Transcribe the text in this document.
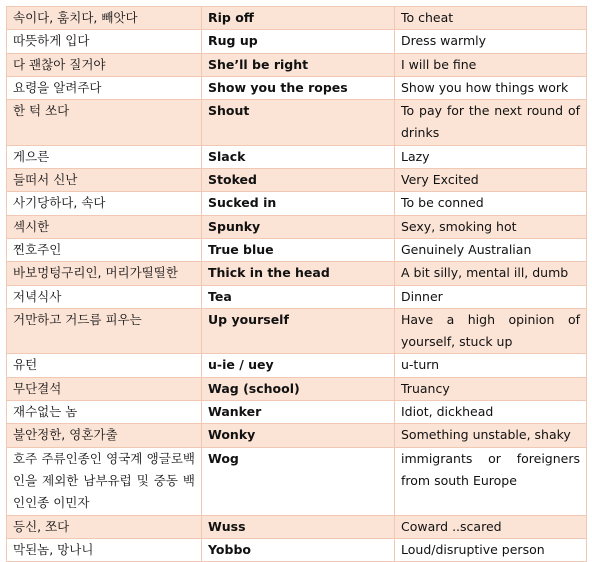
속이다, 훔치다, 빼앗다	Rip off	To cheat
따뜻하게 입다	Rug up	Dress warmly
다 괜찮아 질거야	She’ll be right	I will be fine
요령을 알려주다	Show you the ropes	Show you how things work
한 턱 쏘다	Shout	To pay for the next round of drinks
게으른	Slack	Lazy
들떠서 신난	Stoked	Very Excited
사기당하다, 속다	Sucked in	To be conned
섹시한	Spunky	Sexy, smoking hot
찐호주인	True blue	Genuinely Australian
바보멍텅구리인, 머리가띨띨한	Thick in the head	A bit silly, mental ill, dumb
저녁식사	Tea	Dinner
거만하고 거드름 피우는	Up yourself	Have a high opinion of yourself, stuck up
유턴	u-ie / uey	u-turn
무단결석	Wag (school)	Truancy
재수없는 놈	Wanker	Idiot, dickhead
불안정한, 영혼가출	Wonky	Something unstable, shaky
호주 주류인종인 영국계 앵글로백인을 제외한 남부유럽 및 중동 백인인종 이민자	Wog	immigrants or foreigners from south Europe
등신, 쪼다	Wuss	Coward ..scared
막된놈, 망나니	Yobbo	Loud/disruptive person
